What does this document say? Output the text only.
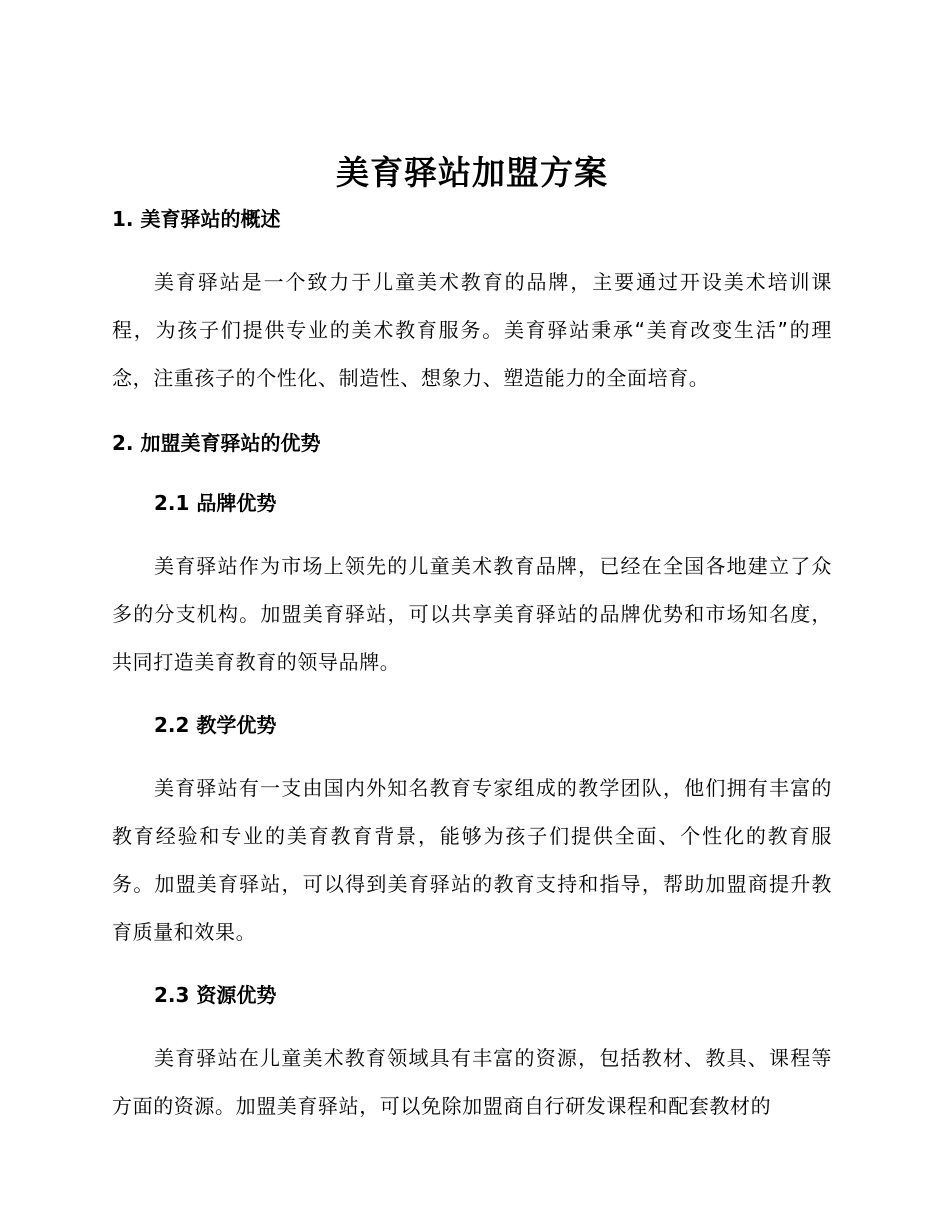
美育驿站加盟方案
1. 美育驿站的概述

美育驿站是一个致力于儿童美术教育的品牌，主要通过开设美术培训课程，为孩子们提供专业的美术教育服务。美育驿站秉承“美育改变生活”的理念，注重孩子的个性化、制造性、想象力、塑造能力的全面培育。

2. 加盟美育驿站的优势
2.1 品牌优势

美育驿站作为市场上领先的儿童美术教育品牌，已经在全国各地建立了众多的分支机构。加盟美育驿站，可以共享美育驿站的品牌优势和市场知名度，共同打造美育教育的领导品牌。

2.2 教学优势

美育驿站有一支由国内外知名教育专家组成的教学团队，他们拥有丰富的教育经验和专业的美育教育背景，能够为孩子们提供全面、个性化的教育服务。加盟美育驿站，可以得到美育驿站的教育支持和指导，帮助加盟商提升教育质量和效果。

2.3 资源优势

美育驿站在儿童美术教育领域具有丰富的资源，包括教材、教具、课程等方面的资源。加盟美育驿站，可以免除加盟商自行研发课程和配套教材的
